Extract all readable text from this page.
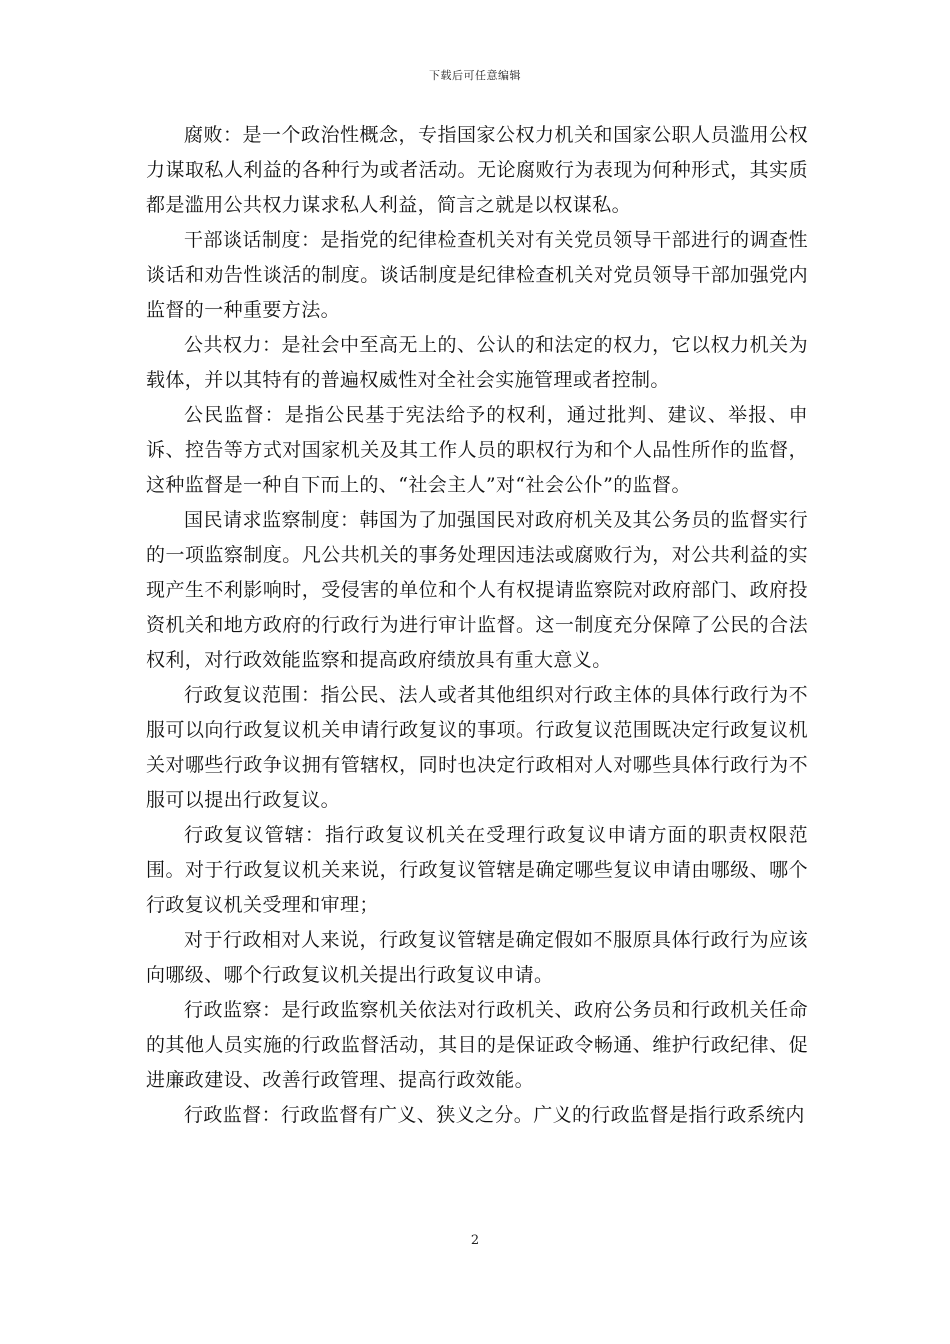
下载后可任意编辑

腐败：是一个政治性概念，专指国家公权力机关和国家公职人员滥用公权力谋取私人利益的各种行为或者活动。无论腐败行为表现为何种形式，其实质都是滥用公共权力谋求私人利益，简言之就是以权谋私。

干部谈话制度：是指党的纪律检查机关对有关党员领导干部进行的调查性谈话和劝告性谈活的制度。谈话制度是纪律检查机关对党员领导干部加强党内监督的一种重要方法。

公共权力：是社会中至高无上的、公认的和法定的权力，它以权力机关为载体，并以其特有的普遍权威性对全社会实施管理或者控制。

公民监督：是指公民基于宪法给予的权利，通过批判、建议、举报、申诉、控告等方式对国家机关及其工作人员的职权行为和个人品性所作的监督，这种监督是一种自下而上的、“社会主人”对“社会公仆”的监督。

国民请求监察制度：韩国为了加强国民对政府机关及其公务员的监督实行的一项监察制度。凡公共机关的事务处理因违法或腐败行为，对公共利益的实现产生不利影响时，受侵害的单位和个人有权提请监察院对政府部门、政府投资机关和地方政府的行政行为进行审计监督。这一制度充分保障了公民的合法权利，对行政效能监察和提高政府绩放具有重大意义。

行政复议范围：指公民、法人或者其他组织对行政主体的具体行政行为不服可以向行政复议机关申请行政复议的事项。行政复议范围既决定行政复议机关对哪些行政争议拥有管辖权，同时也决定行政相对人对哪些具体行政行为不服可以提出行政复议。

行政复议管辖：指行政复议机关在受理行政复议申请方面的职责权限范围。对于行政复议机关来说，行政复议管辖是确定哪些复议申请由哪级、哪个行政复议机关受理和审理；

对于行政相对人来说，行政复议管辖是确定假如不服原具体行政行为应该向哪级、哪个行政复议机关提出行政复议申请。

行政监察：是行政监察机关依法对行政机关、政府公务员和行政机关任命的其他人员实施的行政监督活动，其目的是保证政令畅通、维护行政纪律、促进廉政建设、改善行政管理、提高行政效能。

行政监督：行政监督有广义、狭义之分。广义的行政监督是指行政系统内

2
